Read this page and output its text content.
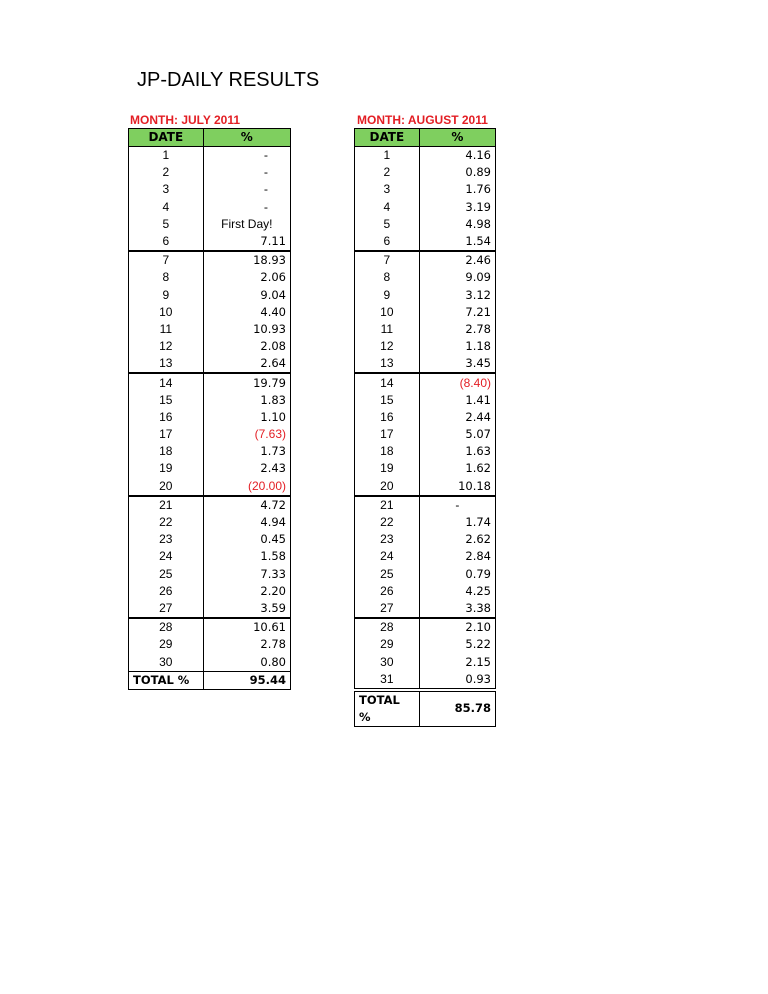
JP-DAILY RESULTS
MONTH: JULY 2011	MONTH: AUGUST 2011
DATE	%
1	-
2	-
3	-
4	-
5	First Day!
6	7.11
7	18.93
8	2.06
9	9.04
10	4.40
11	10.93
12	2.08
13	2.64
14	19.79
15	1.83
16	1.10
17	(7.63)
18	1.73
19	2.43
20	(20.00)
21	4.72
22	4.94
23	0.45
24	1.58
25	7.33
26	2.20
27	3.59
28	10.61
29	2.78
30	0.80
TOTAL %	95.44
DATE	%
1	4.16
2	0.89
3	1.76
4	3.19
5	4.98
6	1.54
7	2.46
8	9.09
9	3.12
10	7.21
11	2.78
12	1.18
13	3.45
14	(8.40)
15	1.41
16	2.44
17	5.07
18	1.63
19	1.62
20	10.18
21	-
22	1.74
23	2.62
24	2.84
25	0.79
26	4.25
27	3.38
28	2.10
29	5.22
30	2.15
31	0.93

TOTAL %	85.78
